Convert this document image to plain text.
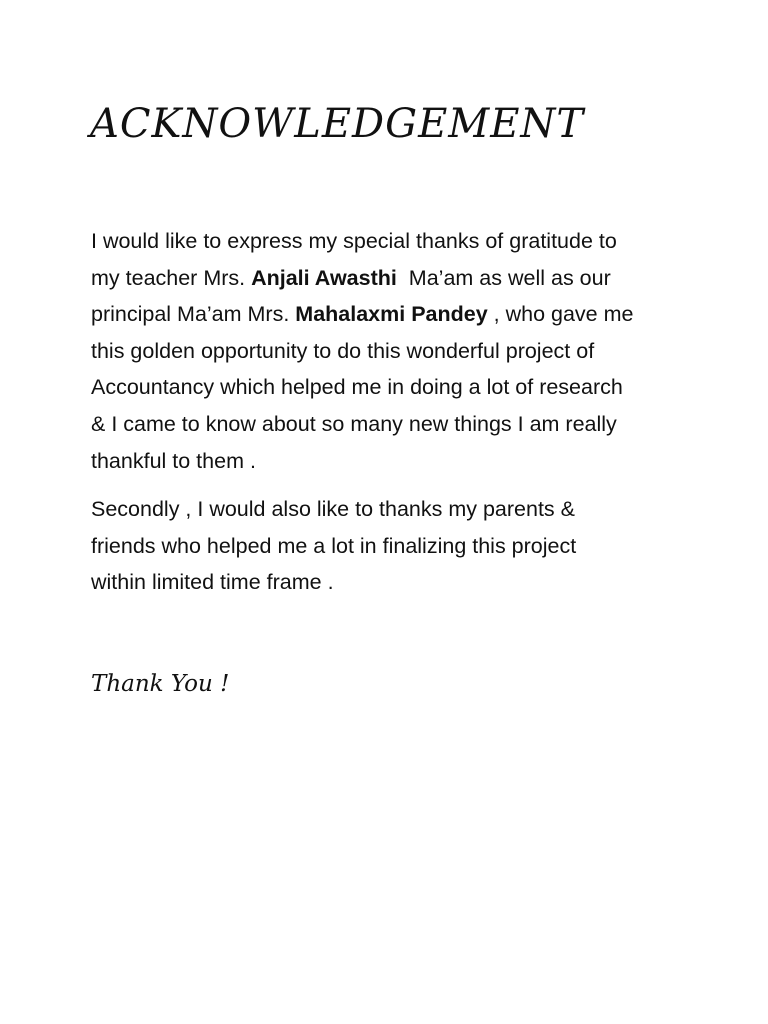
ACKNOWLEDGEMENT

I would like to express my special thanks of gratitude to
my teacher Mrs. Anjali Awasthi  Ma’am as well as our
principal Ma’am Mrs. Mahalaxmi Pandey , who gave me
this golden opportunity to do this wonderful project of
Accountancy which helped me in doing a lot of research
& I came to know about so many new things I am really
thankful to them .

Secondly , I would also like to thanks my parents &
friends who helped me a lot in finalizing this project
within limited time frame .

Thank You !
